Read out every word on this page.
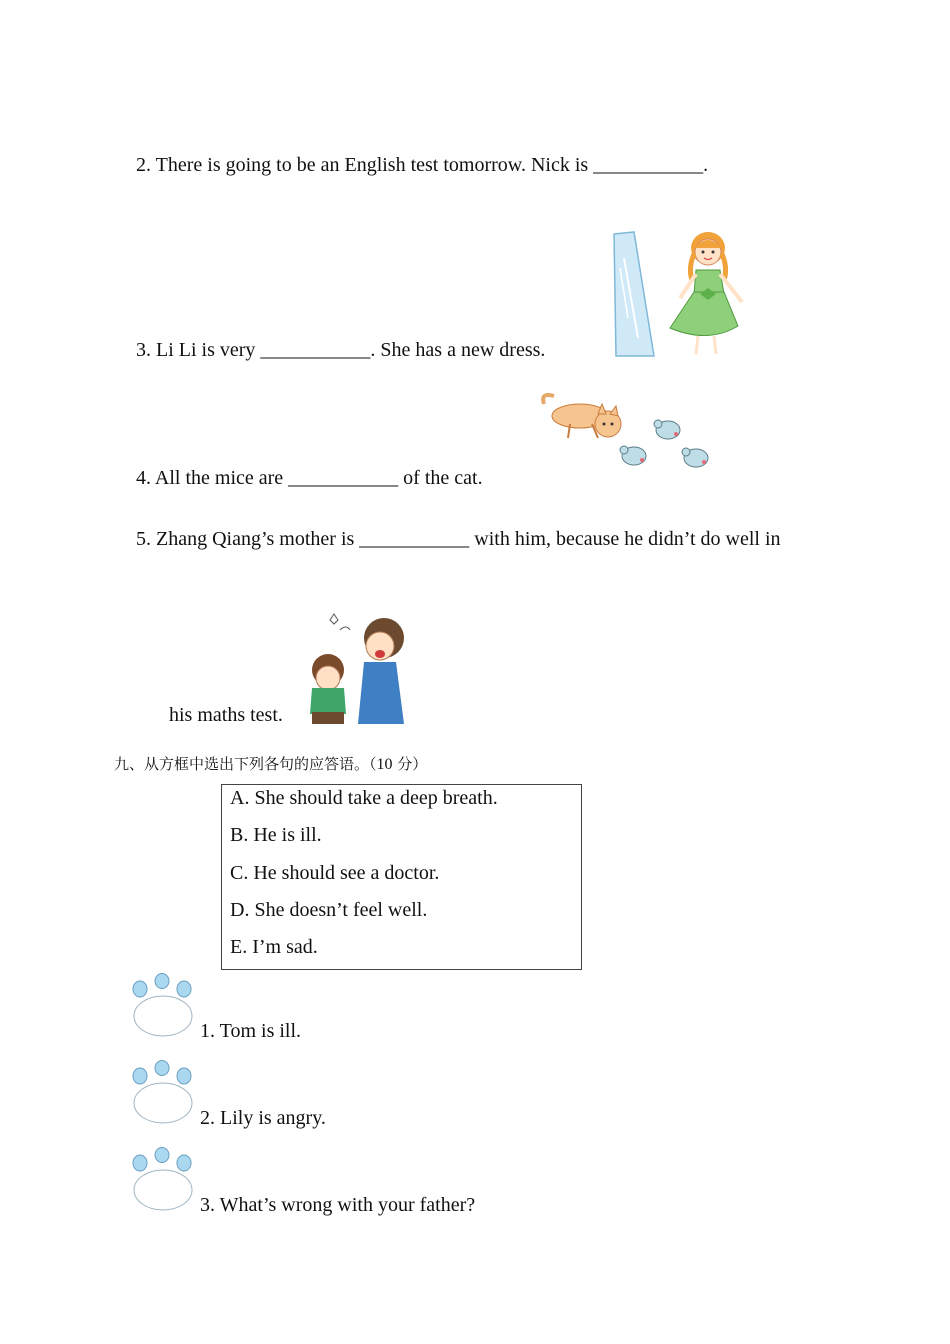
2. There is going to be an English test tomorrow. Nick is ___________.
3. Li Li is very ___________. She has a new dress.
4. All the mice are ___________ of the cat.
5. Zhang Qiang’s mother is ___________ with him, because he didn’t do well in
his maths test.
九、从方框中选出下列各句的应答语。（10 分）
A. She should take a deep breath.
B. He is ill.
C. He should see a doctor.
D. She doesn’t feel well.
E. I’m sad.
1. Tom is ill.
2. Lily is angry.
3. What’s wrong with your father?
